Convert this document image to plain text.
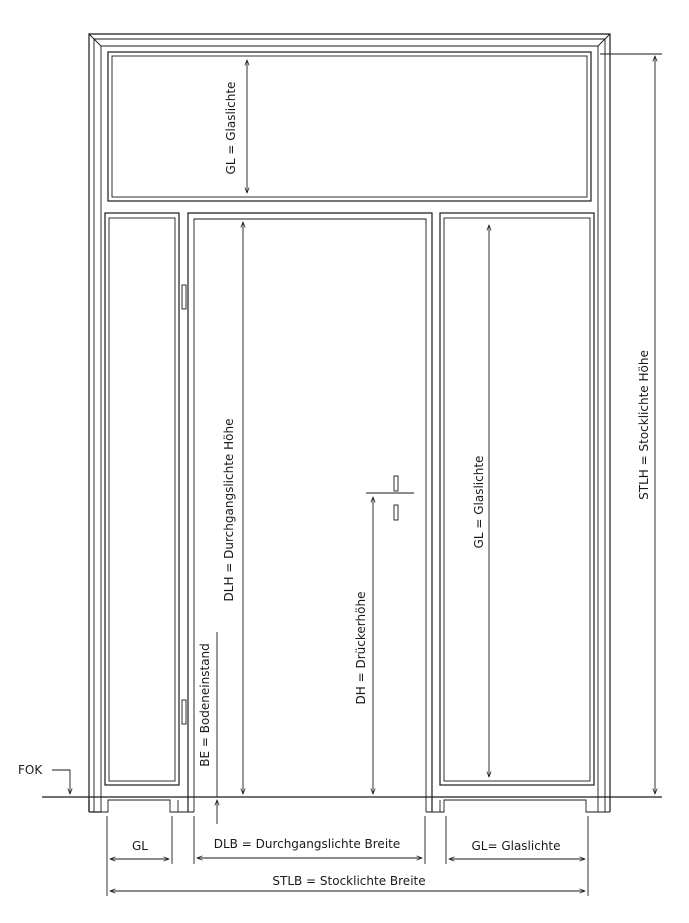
GL = Glaslichte
DLH = Durchgangslichte Höhe
BE = Bodeneinstand	DH = Drückerhöhe
GL = Glaslichte
STLH = Stocklichte Höhe
FOK
GL	DLB = Durchgangslichte Breite	GL= Glaslichte
STLB = Stocklichte Breite
